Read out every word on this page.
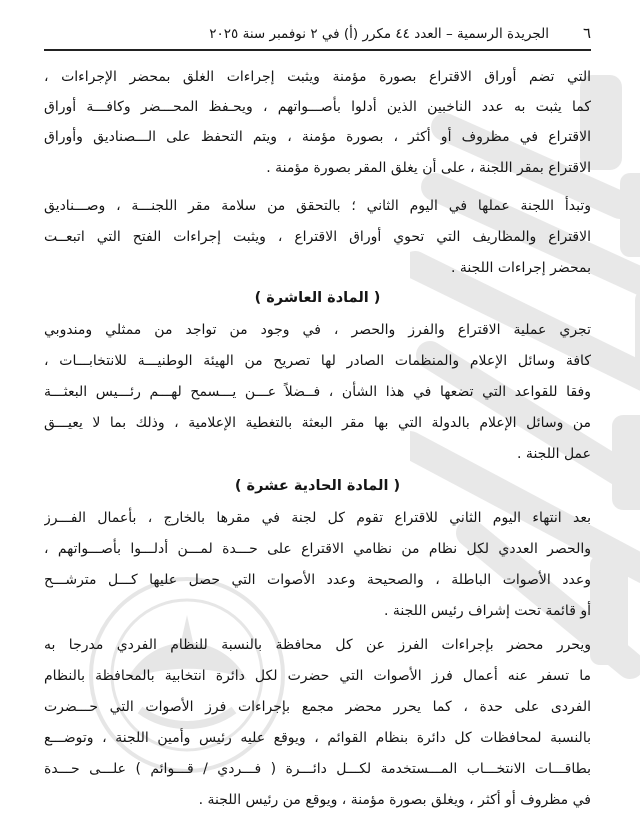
٦
الجريدة الرسمية – العدد ٤٤ مكرر (أ) في ٢ نوفمبر سنة ٢٠٢٥
التي تضم أوراق الاقتراع بصورة مؤمنة ويثبت إجراءات الغلق بمحضر الإجراءات ،
كما يثبت به عدد الناخبين الذين أدلوا بأصـــواتهم ، ويحـفظ المحـــضر وكافـــة أوراق
الاقتراع في مظروف أو أكثر ، بصورة مؤمنة ، ويتم التحفظ على الـــصناديق وأوراق
الاقتراع بمقر اللجنة ، على أن يغلق المقر بصورة مؤمنة .
وتبدأ اللجنة عملها في اليوم الثاني ؛ بالتحقق من سلامة مقر اللجنـــة ، وصـــناديق
الاقتراع والمظاريف التي تحوي أوراق الاقتراع ، ويثبت إجراءات الفتح التي اتبعــت
بمحضر إجراءات اللجنة .
( المادة العاشرة )
تجري عملية الاقتراع والفرز والحصر ، في وجود من تواجد من ممثلي ومندوبي
كافة وسائل الإعلام والمنظمات الصادر لها تصريح من الهيئة الوطنيـــة للانتخابـــات ،
وفقا للقواعد التي تضعها في هذا الشأن ، فــضلاً عـــن يـــسمح لهـــم رئـــيس البعثـــة
من وسائل الإعلام بالدولة التي بها مقر البعثة بالتغطية الإعلامية ، وذلك بما لا يعيـــق
عمل اللجنة .
( المادة الحادية عشرة )
بعد انتهاء اليوم الثاني للاقتراع تقوم كل لجنة في مقرها بالخارج ، بأعمال الفـــرز
والحصر العددي لكل نظام من نظامي الاقتراع على حـــدة لمـــن أدلـــوا بأصـــواتهم ،
وعدد الأصوات الباطلة ، والصحيحة وعدد الأصوات التي حصل عليها كـــل مترشـــح
أو قائمة تحت إشراف رئيس اللجنة .
ويحرر محضر بإجراءات الفرز عن كل محافظة بالنسبة للنظام الفردي مدرجا به
ما تسفر عنه أعمال فرز الأصوات التي حضرت لكل دائرة انتخابية بالمحافظة بالنظام
الفردى على حدة ، كما يحرر محضر مجمع بإجراءات فرز الأصوات التي حـــضرت
بالنسبة لمحافظات كل دائرة بنظام القوائم ، ويوقع عليه رئيس وأمين اللجنة ، وتوضـــع
بطاقـــات الانتخـــاب المـــستخدمة لكـــل دائـــرة ( فـــردي / قـــوائم ) علـــى حـــدة
في مظروف أو أكثر ، ويغلق بصورة مؤمنة ، ويوقع من رئيس اللجنة .
